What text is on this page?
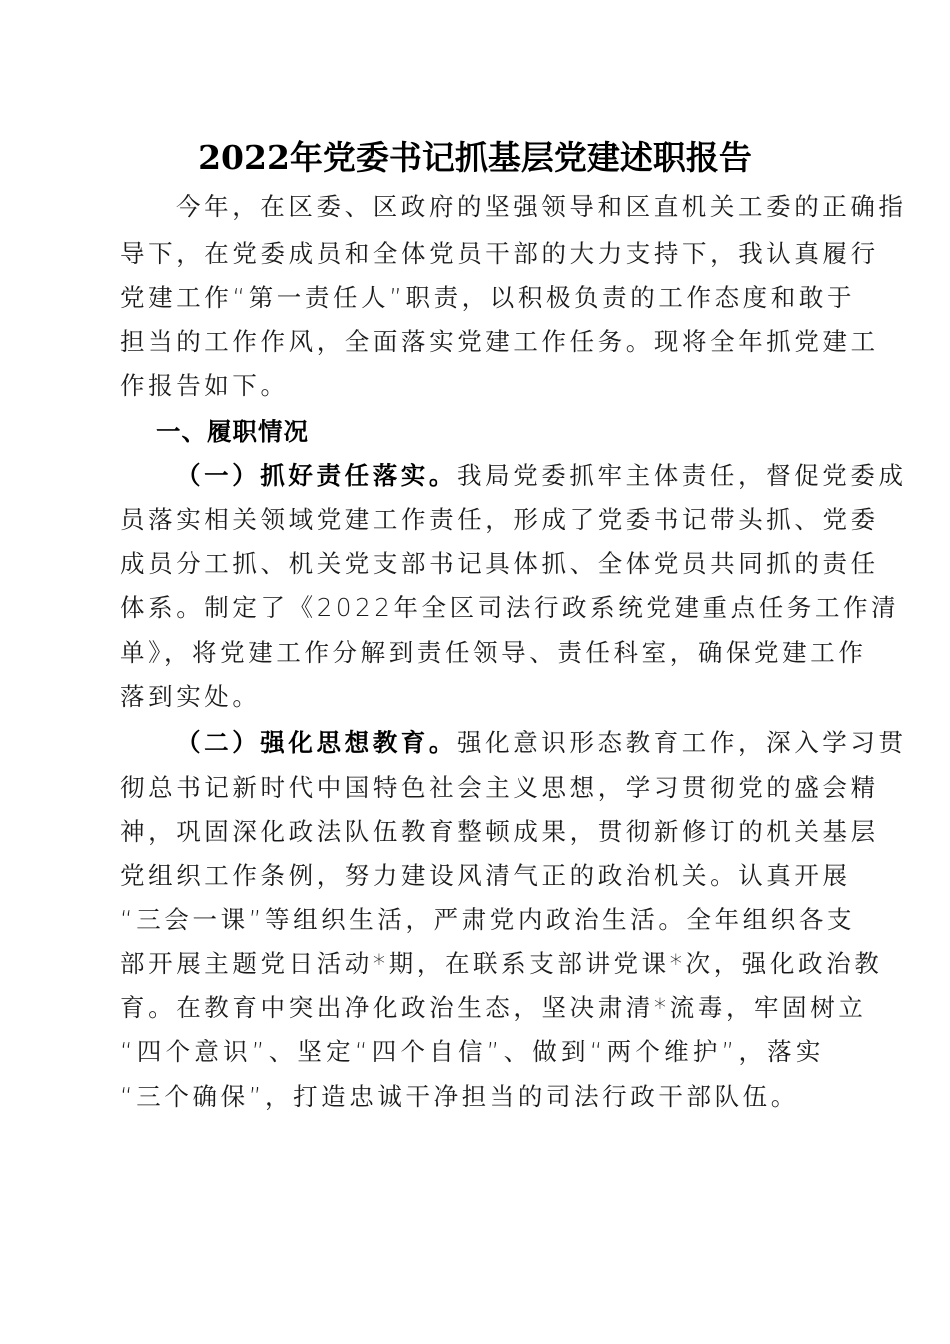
2022年党委书记抓基层党建述职报告
今年，在区委、区政府的坚强领导和区直机关工委的正确指
导下，在党委成员和全体党员干部的大力支持下，我认真履行
党建工作“第一责任人”职责，以积极负责的工作态度和敢于
担当的工作作风，全面落实党建工作任务。现将全年抓党建工
作报告如下。
一、履职情况
（一）抓好责任落实。我局党委抓牢主体责任，督促党委成
员落实相关领域党建工作责任，形成了党委书记带头抓、党委
成员分工抓、机关党支部书记具体抓、全体党员共同抓的责任
体系。制定了《2022年全区司法行政系统党建重点任务工作清
单》，将党建工作分解到责任领导、责任科室，确保党建工作
落到实处。
（二）强化思想教育。强化意识形态教育工作，深入学习贯
彻总书记新时代中国特色社会主义思想，学习贯彻党的盛会精
神，巩固深化政法队伍教育整顿成果，贯彻新修订的机关基层
党组织工作条例，努力建设风清气正的政治机关。认真开展
“三会一课”等组织生活，严肃党内政治生活。全年组织各支
部开展主题党日活动*期，在联系支部讲党课*次，强化政治教
育。在教育中突出净化政治生态，坚决肃清*流毒，牢固树立
“四个意识”、坚定“四个自信”、做到“两个维护”，落实
“三个确保”，打造忠诚干净担当的司法行政干部队伍。
